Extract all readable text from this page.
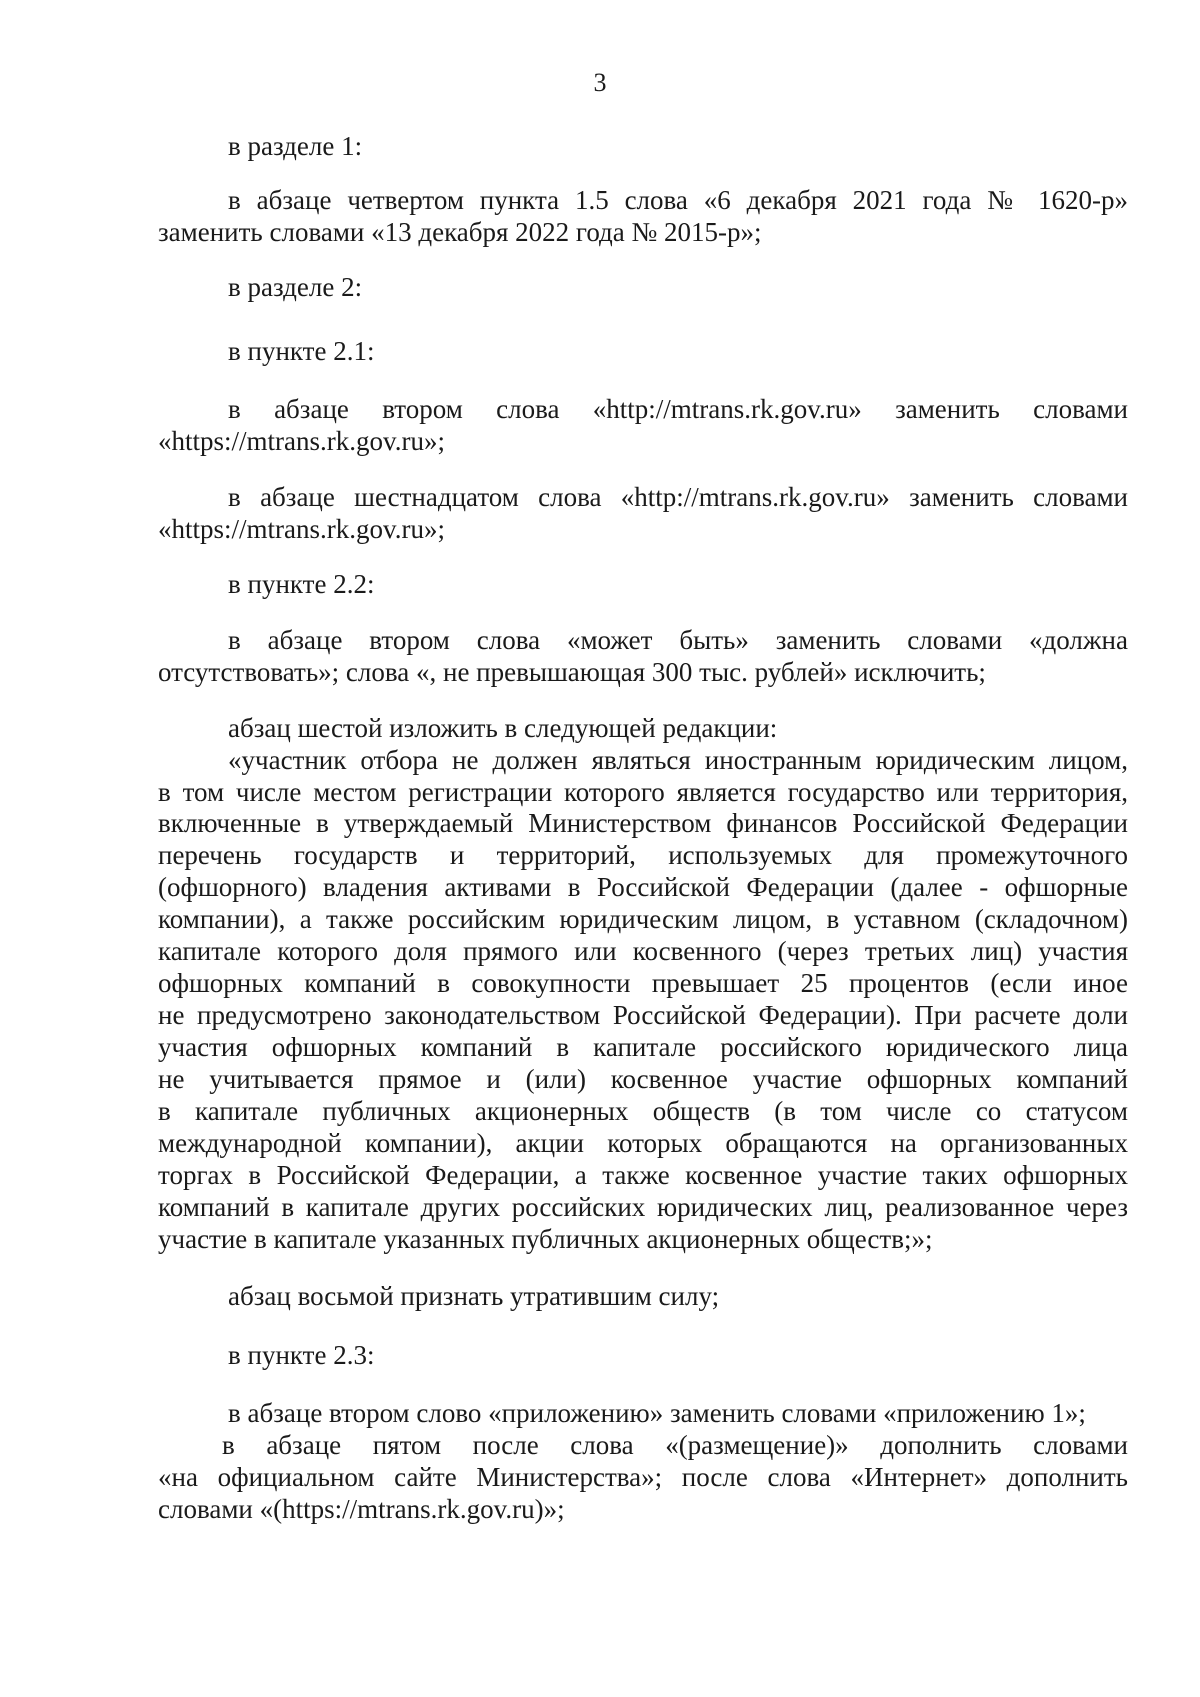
3
в разделе 1:
в абзаце четвертом пункта 1.5 слова «6 декабря 2021 года № 1620-р»
заменить словами «13 декабря 2022 года № 2015-р»;
в разделе 2:
в пункте 2.1:
в абзаце втором слова «http://mtrans.rk.gov.ru» заменить словами
«https://mtrans.rk.gov.ru»;
в абзаце шестнадцатом слова «http://mtrans.rk.gov.ru» заменить словами
«https://mtrans.rk.gov.ru»;
в пункте 2.2:
в абзаце втором слова «может быть» заменить словами «должна
отсутствовать»; слова «, не превышающая 300 тыс. рублей» исключить;
абзац шестой изложить в следующей редакции:
«участник отбора не должен являться иностранным юридическим лицом,
в том числе местом регистрации которого является государство или территория,
включенные в утверждаемый Министерством финансов Российской Федерации
перечень государств и территорий, используемых для промежуточного
(офшорного) владения активами в Российской Федерации (далее - офшорные
компании), а также российским юридическим лицом, в уставном (складочном)
капитале которого доля прямого или косвенного (через третьих лиц) участия
офшорных компаний в совокупности превышает 25 процентов (если иное
не предусмотрено законодательством Российской Федерации). При расчете доли
участия офшорных компаний в капитале российского юридического лица
не учитывается прямое и (или) косвенное участие офшорных компаний
в капитале публичных акционерных обществ (в том числе со статусом
международной компании), акции которых обращаются на организованных
торгах в Российской Федерации, а также косвенное участие таких офшорных
компаний в капитале других российских юридических лиц, реализованное через
участие в капитале указанных публичных акционерных обществ;»;
абзац восьмой признать утратившим силу;
в пункте 2.3:
в абзаце втором слово «приложению» заменить словами «приложению 1»;
в абзаце пятом после слова «(размещение)» дополнить словами
«на официальном сайте Министерства»; после слова «Интернет» дополнить
словами «(https://mtrans.rk.gov.ru)»;
